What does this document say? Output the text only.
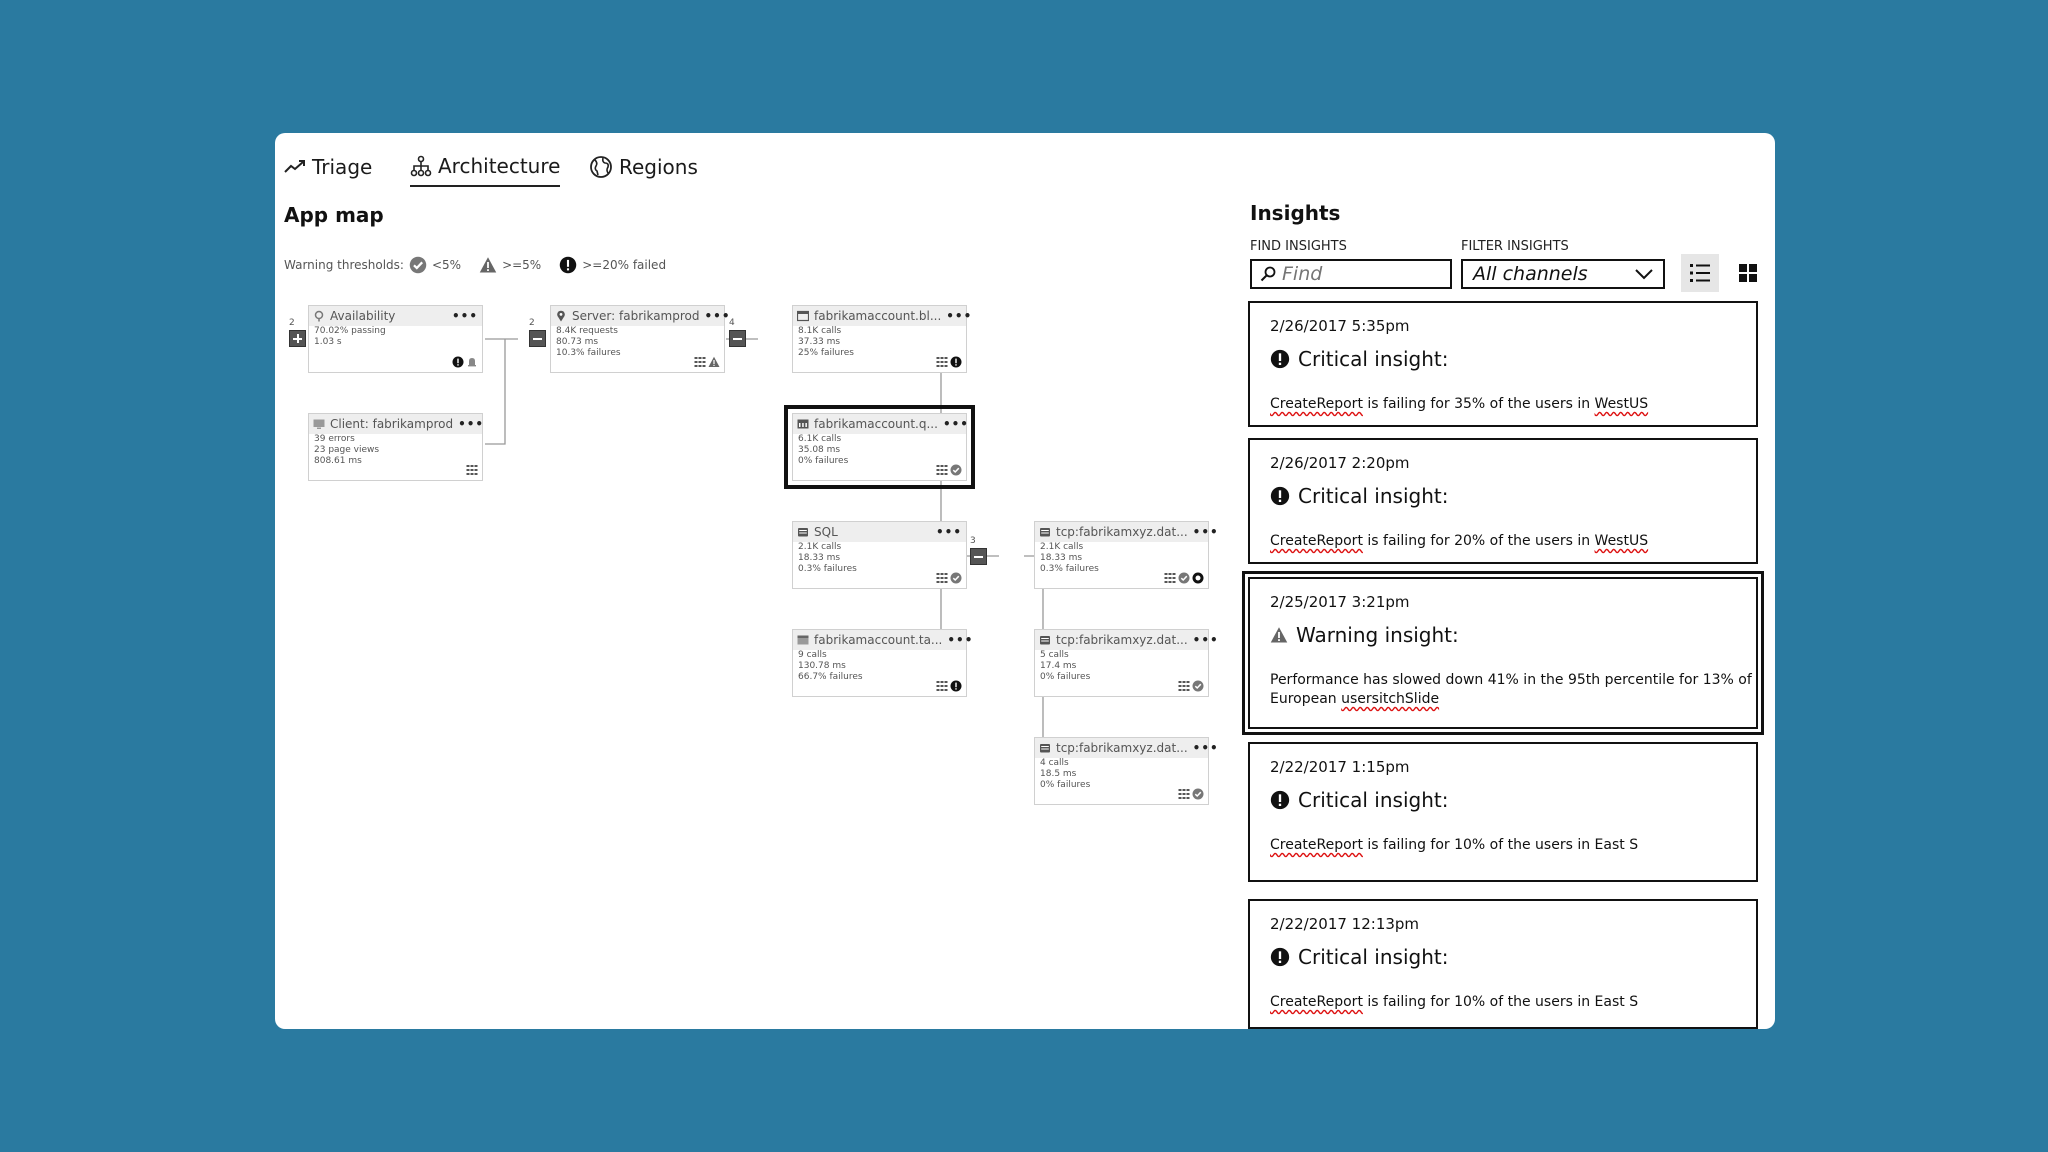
Triage	Architecture	Regions
App map
Warning thresholds: <5%	>=5%	>=20% failed
2	2	4
3
Availability	•••
70.02% passing
1.03 s
Client: fabrikamprod •••
39 errors
23 page views
808.61 ms
Server: fabrikamprod •••
8.4K requests
80.73 ms
10.3% failures
fabrikamaccount.bl... •••
8.1K calls
37.33 ms
25% failures
fabrikamaccount.q... •••
6.1K calls
35.08 ms
0% failures
SQL	•••
2.1K calls
18.33 ms
0.3% failures
fabrikamaccount.ta... •••
9 calls
130.78 ms
66.7% failures
tcp:fabrikamxyz.dat... •••
2.1K calls
18.33 ms
0.3% failures
tcp:fabrikamxyz.dat... •••
5 calls
17.4 ms
0% failures
tcp:fabrikamxyz.dat... •••
4 calls
18.5 ms
0% failures
Insights
FIND INSIGHTS	FILTER INSIGHTS
Find
All channels
2/26/2017 5:35pm
Critical insight:
CreateReport is failing for 35% of the users in WestUS
2/26/2017 2:20pm
Critical insight:
CreateReport is failing for 20% of the users in WestUS
2/25/2017 3:21pm
Warning insight:
Performance has slowed down 41% in the 95th percentile for 13% of European usersitchSlide
2/22/2017 1:15pm
Critical insight:
CreateReport is failing for 10% of the users in East S
2/22/2017 12:13pm
Critical insight:
CreateReport is failing for 10% of the users in East S
